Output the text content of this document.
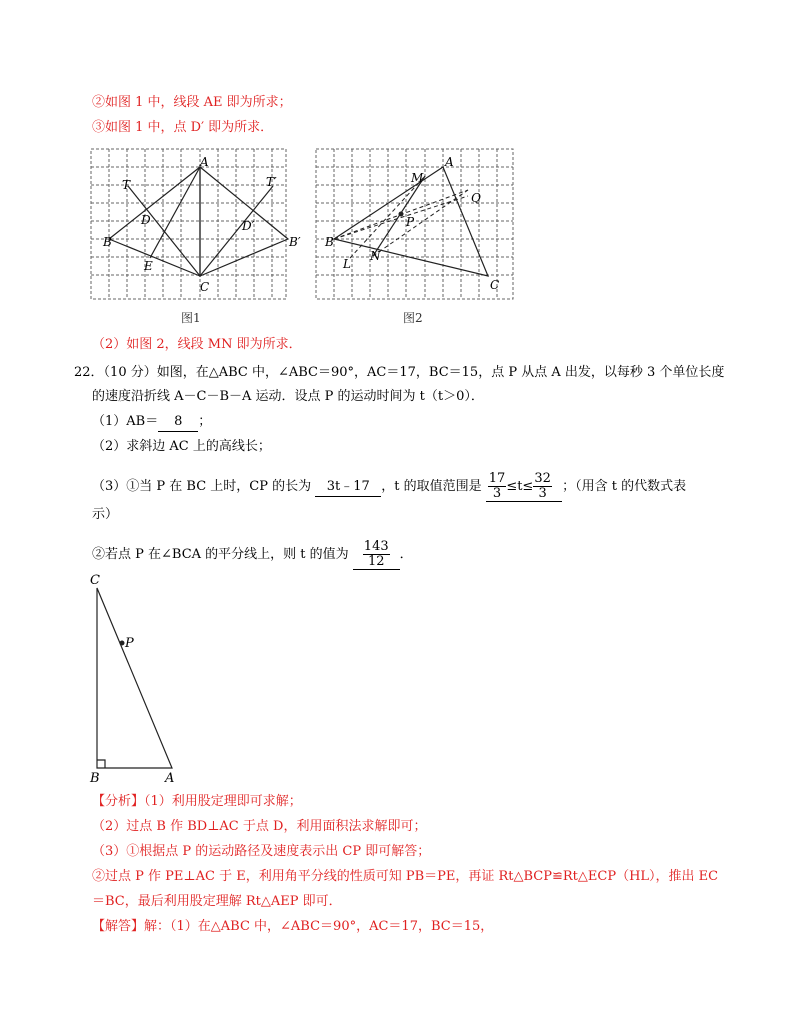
②如图 1 中，线段 AE 即为所求；
③如图 1 中，点 D′ 即为所求．
A
T	T′
D	D′
B	B′
E
C
图1
A
M
Q
P
B
N
L
C
图2
（2）如图 2，线段 MN 即为所求．
22．（10 分）如图，在△ABC 中，∠ABC＝90°，AC＝17，BC＝15，点 P 从点 A 出发，以每秒 3 个单位长度
的速度沿折线 A－C－B－A 运动．设点 P 的运动时间为 t（t＞0）．
（1）AB＝ 8 ；
（2）求斜边 AC 上的高线长；
（3）①当 P 在 BC 上时，CP 的长为 3t﹣17 ，t 的取值范围是 $\frac{17}{3} \le t\le \frac{32}{3}$ ；（用含 t 的代数式表
示）
②若点 P 在∠BCA 的平分线上，则 t 的值为 $\frac{143}{12}$ ．
C
P
B	A
【分析】（1）利用股定理即可求解；
（2）过点 B 作 BD⊥AC 于点 D，利用面积法求解即可；
（3）①根据点 P 的运动路径及速度表示出 CP 即可解答；
②过点 P 作 PE⊥AC 于 E，利用角平分线的性质可知 PB＝PE，再证 Rt△BCP≌Rt△ECP（HL），推出 EC
＝BC，最后利用股定理解 Rt△AEP 即可．
【解答】解：（1）在△ABC 中，∠ABC＝90°，AC＝17，BC＝15，
